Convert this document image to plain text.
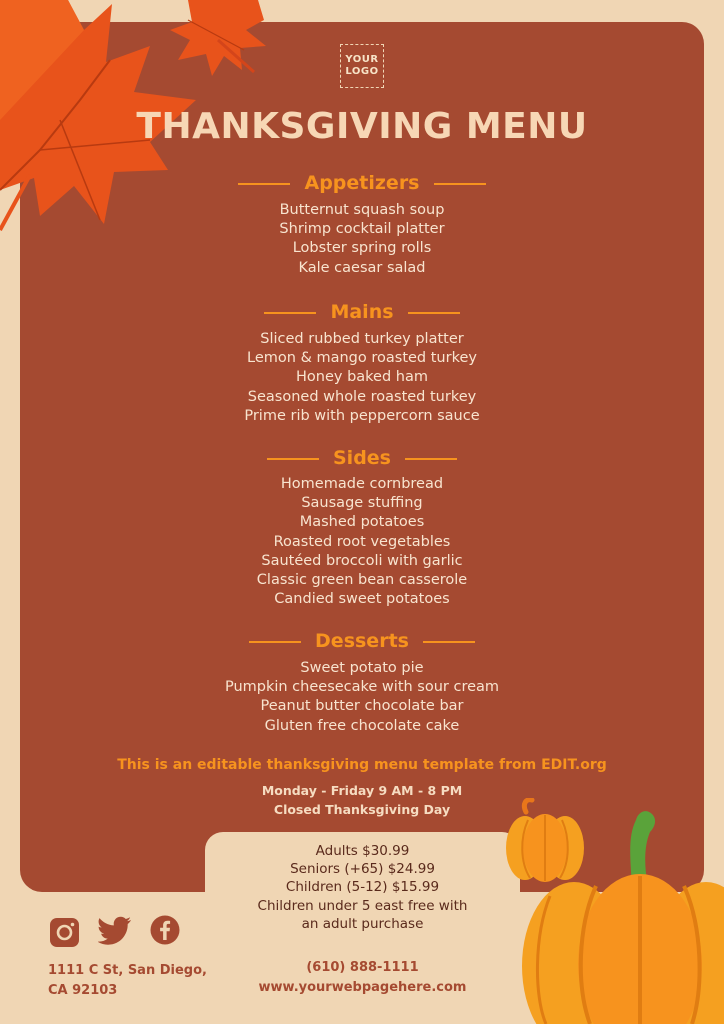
YOUR
LOGO
THANKSGIVING MENU
Appetizers
Butternut squash soup
Shrimp cocktail platter
Lobster spring rolls
Kale caesar salad
Mains
Sliced rubbed turkey platter
Lemon & mango roasted turkey
Honey baked ham
Seasoned whole roasted turkey
Prime rib with peppercorn sauce
Sides
Homemade cornbread
Sausage stuffing
Mashed potatoes
Roasted root vegetables
Sautéed broccoli with garlic
Classic green bean casserole
Candied sweet potatoes
Desserts
Sweet potato pie
Pumpkin cheesecake with sour cream
Peanut butter chocolate bar
Gluten free chocolate cake

This is an editable thanksgiving menu template from EDIT.org

Monday - Friday 9 AM - 8 PM

Closed Thanksgiving Day

Adults $30.99
Seniors (+65) $24.99
Children (5-12) $15.99
Children under 5 east free with
an adult purchase
1111 C St, San Diego,
CA 92103
(610) 888-1111
www.yourwebpagehere.com
